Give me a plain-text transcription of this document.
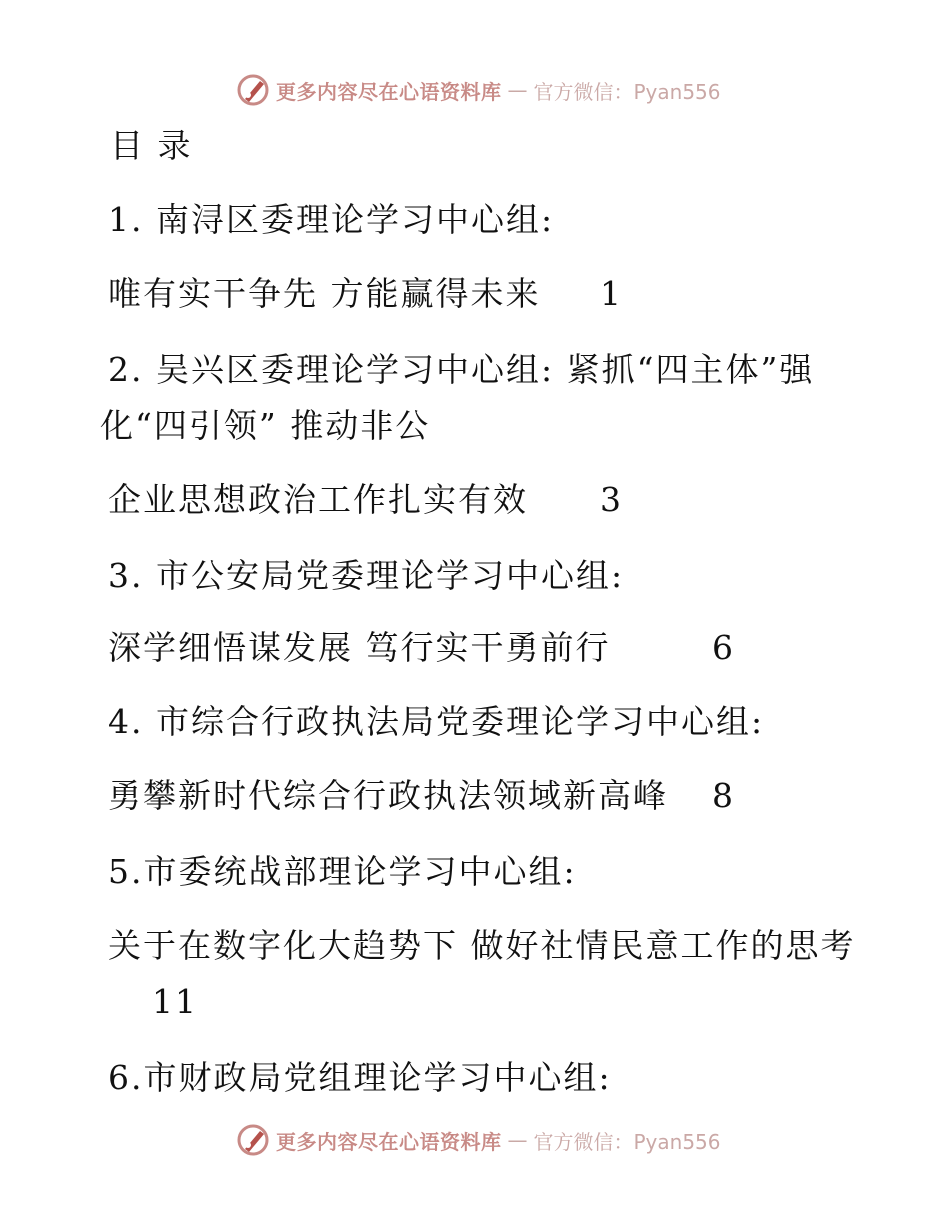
更多内容尽在心语资料库 — 官方微信：Pyan556
目 录
1. 南浔区委理论学习中心组:
唯有实干争先 方能赢得未来 1
2. 吴兴区委理论学习中心组: 紧抓“四主体”强
化“四引领” 推动非公
企业思想政治工作扎实有效 3
3. 市公安局党委理论学习中心组:
深学细悟谋发展 笃行实干勇前行	6
4. 市综合行政执法局党委理论学习中心组:
勇攀新时代综合行政执法领域新高峰 8
5.市委统战部理论学习中心组:
关于在数字化大趋势下 做好社情民意工作的思考
11
6.市财政局党组理论学习中心组:
更多内容尽在心语资料库 — 官方微信：Pyan556
